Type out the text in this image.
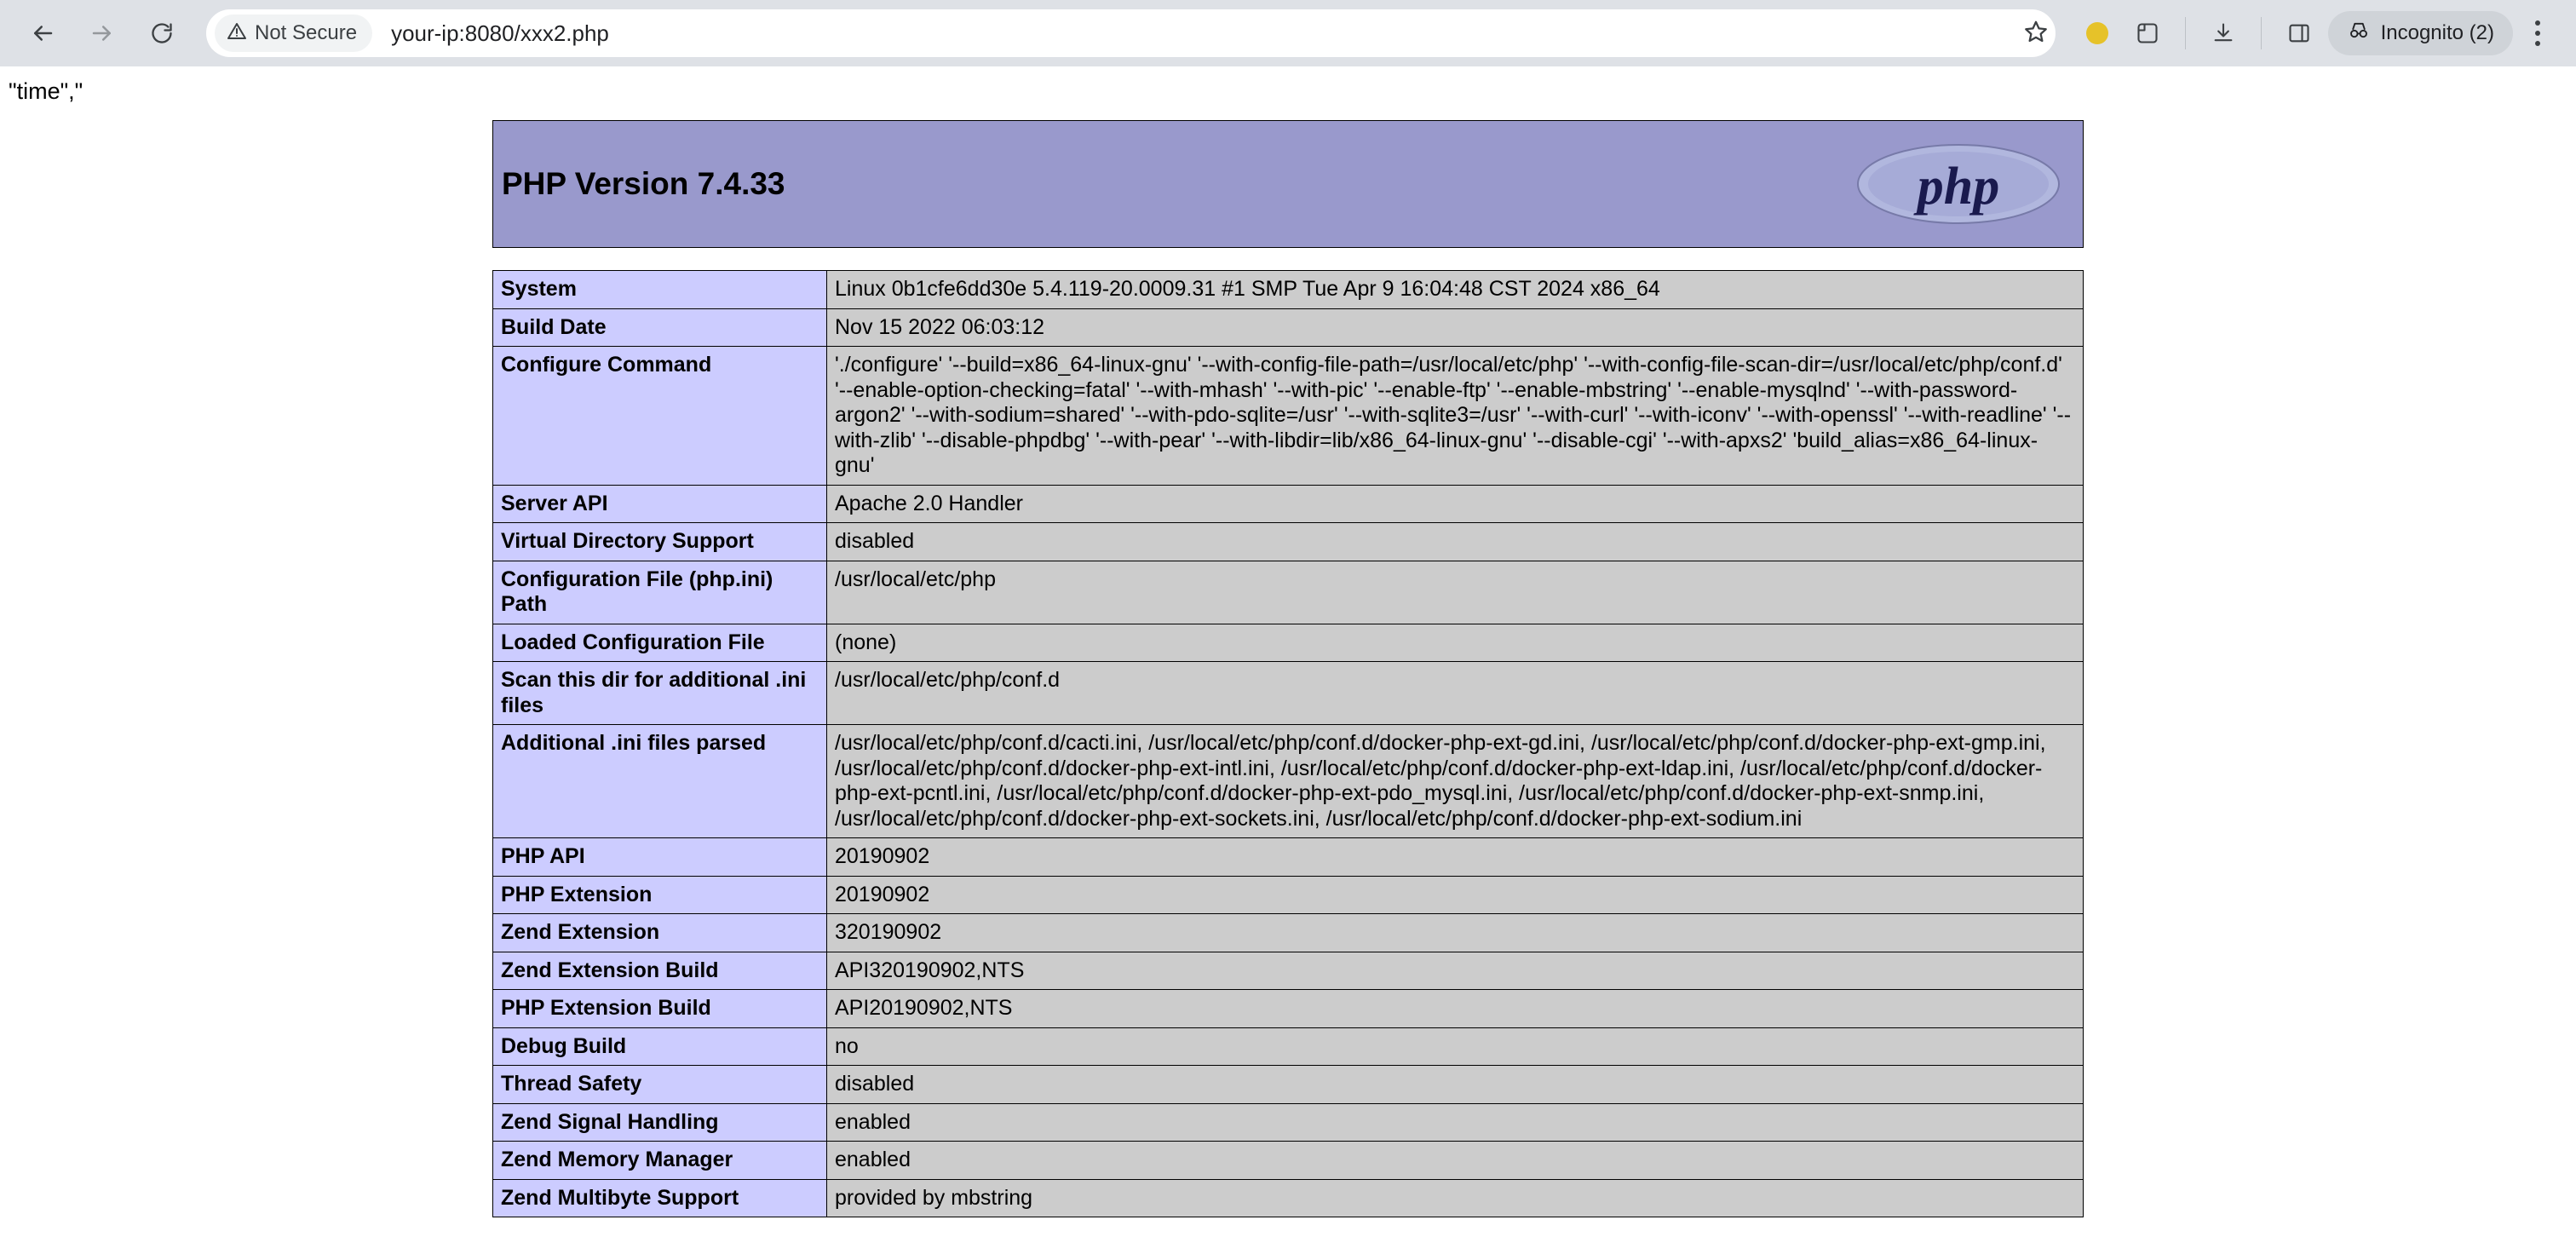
Not Secure your-ip:8080/xxx2.php	Incognito (2)
"time","
PHP Version 7.4.33	php
System	Linux 0b1cfe6dd30e 5.4.119-20.0009.31 #1 SMP Tue Apr 9 16:04:48 CST 2024 x86_64
Build Date	Nov 15 2022 06:03:12
Configure Command	'./configure' '--build=x86_64-linux-gnu' '--with-config-file-path=/usr/local/etc/php' '--with-config-file-scan-dir=/usr/local/etc/php/conf.d' '--enable-option-checking=fatal' '--with-mhash' '--with-pic' '--enable-ftp' '--enable-mbstring' '--enable-mysqlnd' '--with-password-argon2' '--with-sodium=shared' '--with-pdo-sqlite=/usr' '--with-sqlite3=/usr' '--with-curl' '--with-iconv' '--with-openssl' '--with-readline' '--with-zlib' '--disable-phpdbg' '--with-pear' '--with-libdir=lib/x86_64-linux-gnu' '--disable-cgi' '--with-apxs2' 'build_alias=x86_64-linux-gnu'
Server API	Apache 2.0 Handler
Virtual Directory Support	disabled
Configuration File (php.ini) Path	/usr/local/etc/php
Loaded Configuration File	(none)
Scan this dir for additional .ini files	/usr/local/etc/php/conf.d
Additional .ini files parsed	/usr/local/etc/php/conf.d/cacti.ini, /usr/local/etc/php/conf.d/docker-php-ext-gd.ini, /usr/local/etc/php/conf.d/docker-php-ext-gmp.ini, /usr/local/etc/php/conf.d/docker-php-ext-intl.ini, /usr/local/etc/php/conf.d/docker-php-ext-ldap.ini, /usr/local/etc/php/conf.d/docker-php-ext-pcntl.ini, /usr/local/etc/php/conf.d/docker-php-ext-pdo_mysql.ini, /usr/local/etc/php/conf.d/docker-php-ext-snmp.ini, /usr/local/etc/php/conf.d/docker-php-ext-sockets.ini, /usr/local/etc/php/conf.d/docker-php-ext-sodium.ini
PHP API	20190902
PHP Extension	20190902
Zend Extension	320190902
Zend Extension Build	API320190902,NTS
PHP Extension Build	API20190902,NTS
Debug Build	no
Thread Safety	disabled
Zend Signal Handling	enabled
Zend Memory Manager	enabled
Zend Multibyte Support	provided by mbstring
